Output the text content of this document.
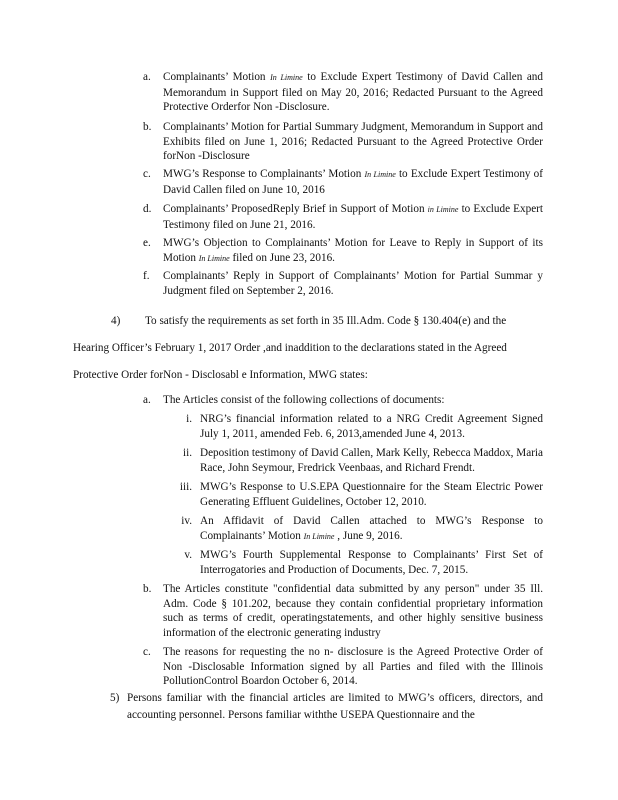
a. Complainants’ Motion In Limine to Exclude Expert Testimony of David Callen and Memorandum in Support filed on May 20, 2016; Redacted Pursuant to the Agreed Protective Orderfor Non -Disclosure.
b. Complainants’ Motion for Partial Summary Judgment, Memorandum in Support and Exhibits filed on June 1, 2016; Redacted Pursuant to the Agreed Protective Order forNon -Disclosure
c. MWG’s Response to Complainants’ Motion In Limine to Exclude Expert Testimony of David Callen filed on June 10, 2016
d. Complainants’ ProposedReply Brief in Support of Motion in Limine to Exclude Expert Testimony filed on June 21, 2016.
e. MWG’s Objection to Complainants’ Motion for Leave to Reply in Support of its Motion In Limine filed on June 23, 2016.
f. Complainants’ Reply in Support of Complainants’ Motion for Partial Summar y Judgment filed on September 2, 2016.
4) To satisfy the requirements as set forth in 35 Ill.Adm. Code § 130.404(e) and the
Hearing Officer’s February 1, 2017 Order ,and inaddition to the declarations stated in the Agreed
Protective Order forNon - Disclosabl e Information, MWG states:
a. The Articles consist of the following collections of documents:
i. NRG’s financial information related to a NRG Credit Agreement Signed July 1, 2011, amended Feb. 6, 2013,amended June 4, 2013.
ii. Deposition testimony of David Callen, Mark Kelly, Rebecca Maddox, Maria Race, John Seymour, Fredrick Veenbaas, and Richard Frendt.
iii. MWG’s Response to U.S.EPA Questionnaire for the Steam Electric Power Generating Effluent Guidelines, October 12, 2010.
iv. An Affidavit of David Callen attached to MWG’s Response to Complainants’ Motion In Limine , June 9, 2016.
v. MWG’s Fourth Supplemental Response to Complainants’ First Set of Interrogatories and Production of Documents, Dec. 7, 2015.
b. The Articles constitute "confidential data submitted by any person" under 35 Ill. Adm. Code § 101.202, because they contain confidential proprietary information such as terms of credit, operatingstatements, and other highly sensitive business information of the electronic generating industry
c. The reasons for requesting the no n- disclosure is the Agreed Protective Order of Non -Disclosable Information signed by all Parties and filed with the Illinois PollutionControl Boardon October 6, 2014.
5) Persons familiar with the financial articles are limited to MWG’s officers, directors, and accounting personnel. Persons familiar withthe USEPA Questionnaire and the
